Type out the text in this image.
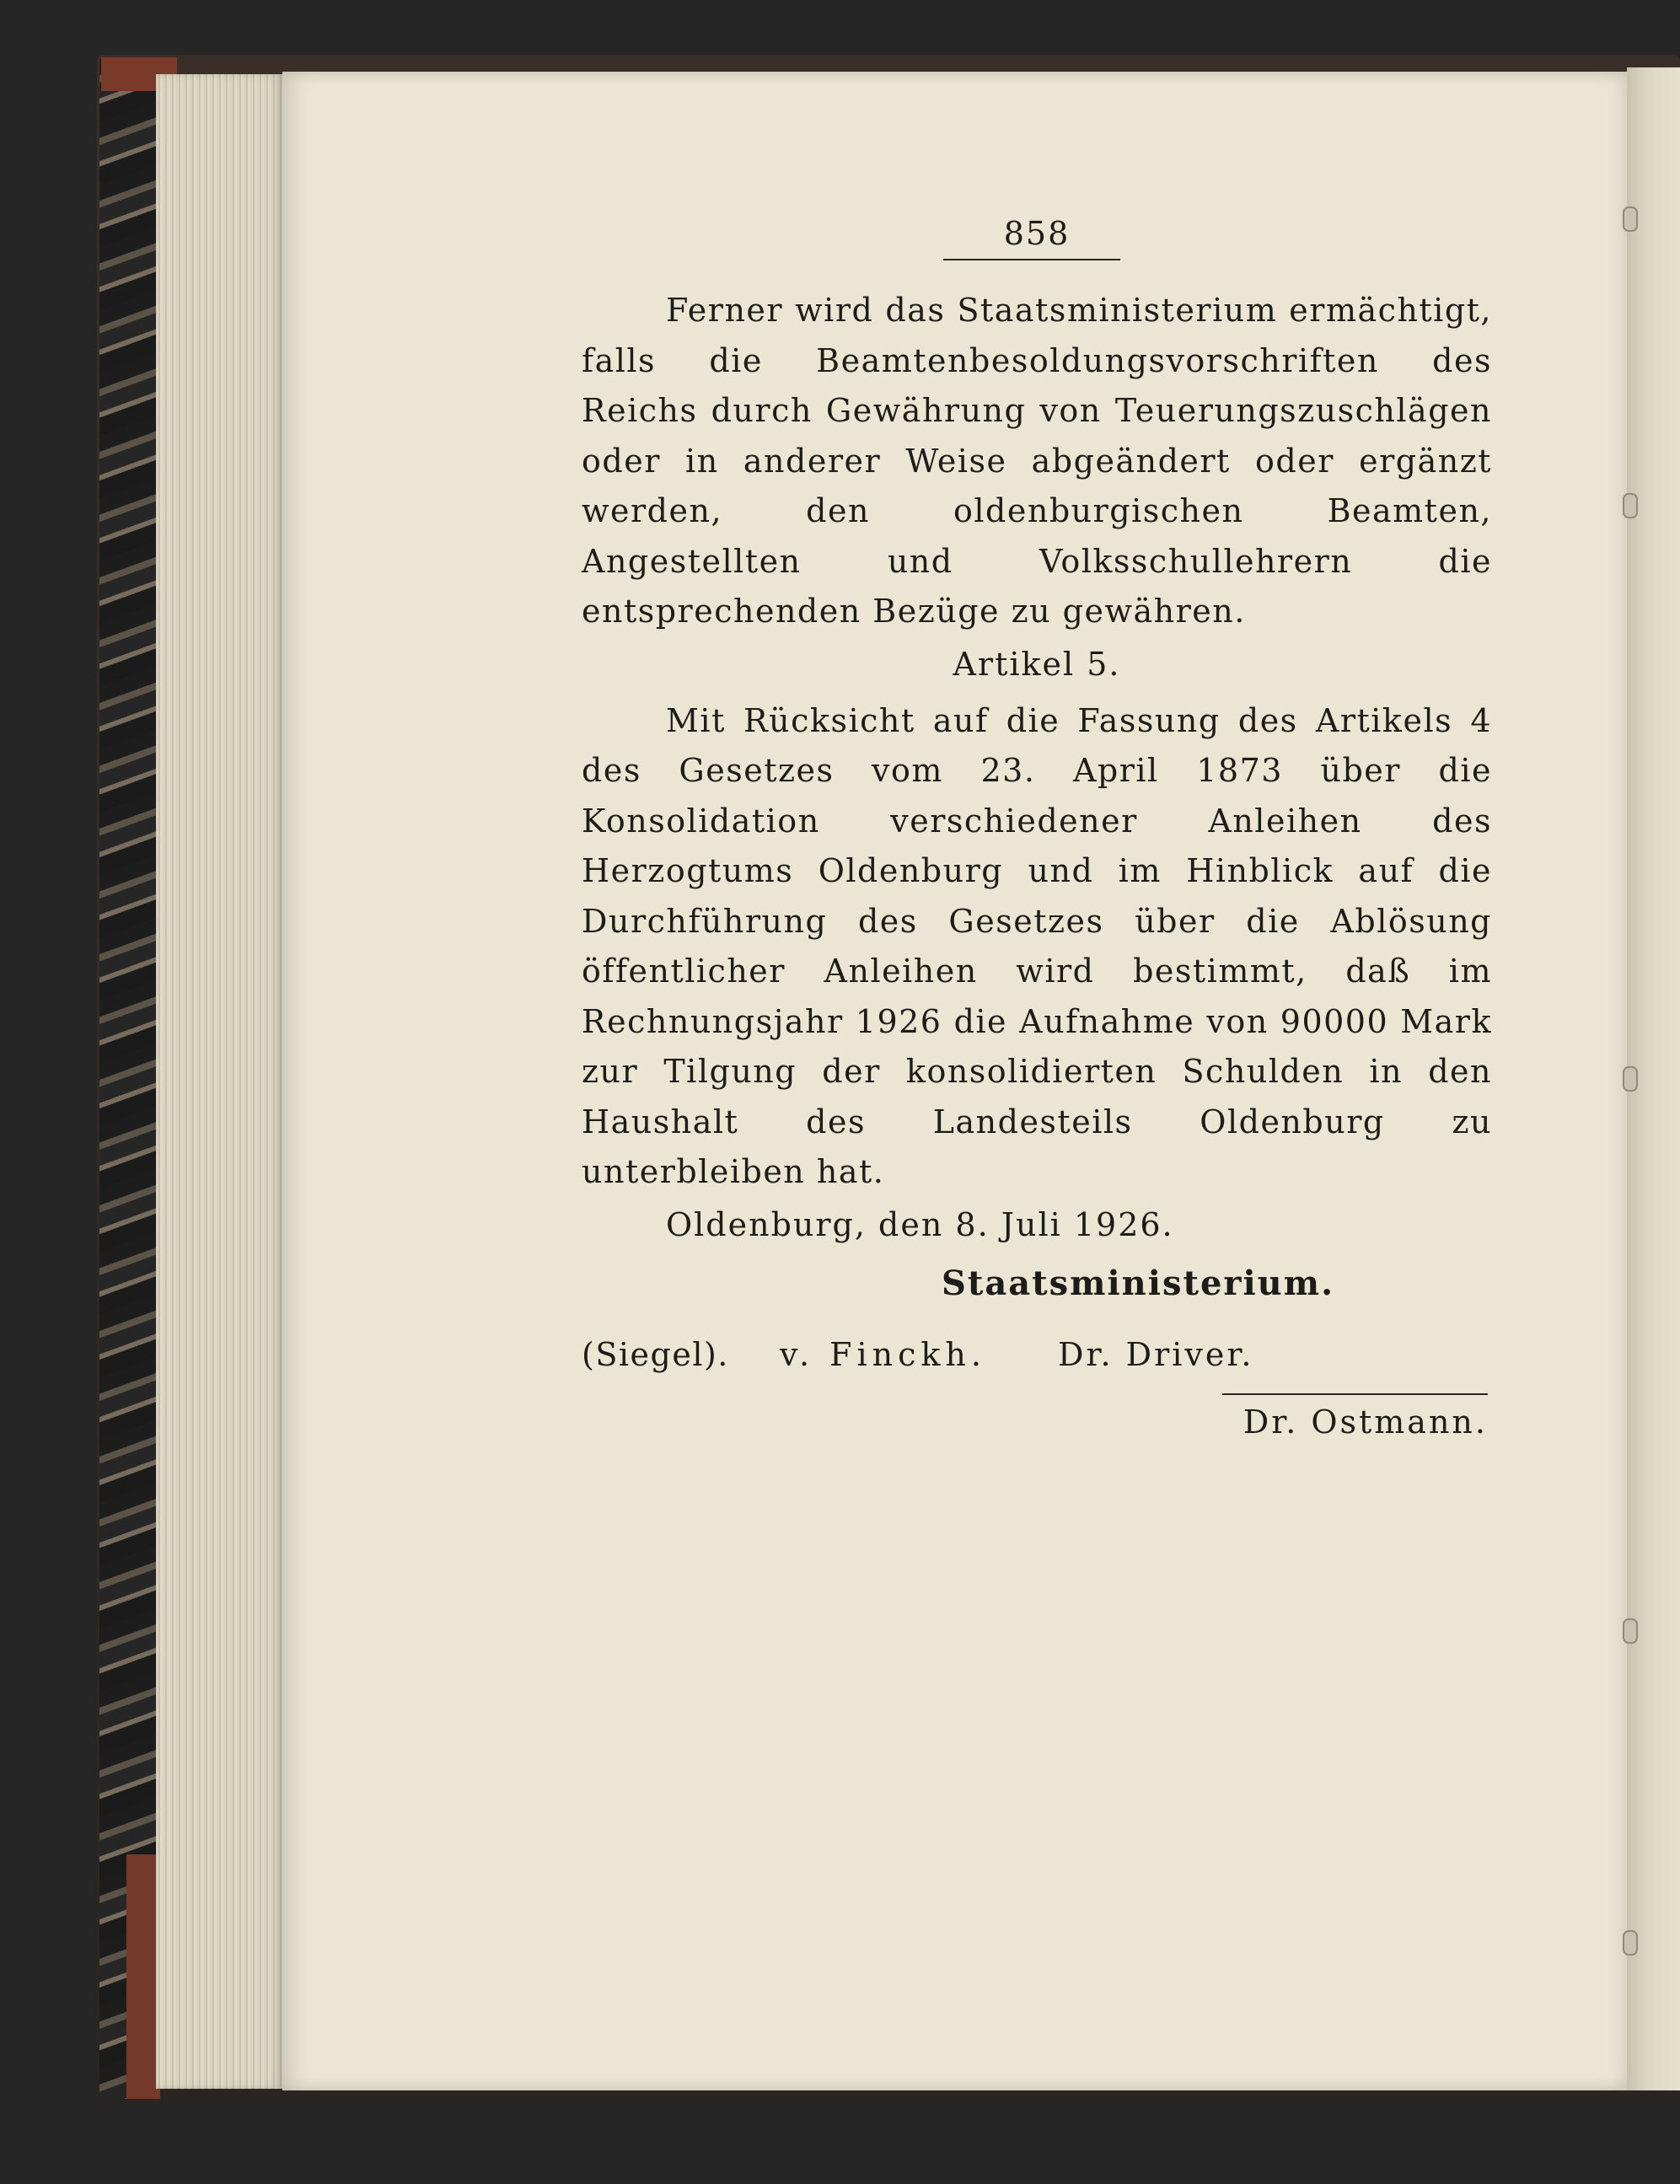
858

Ferner wird das Staatsministerium ermächtigt, falls die Beamtenbesoldungsvorschriften des Reichs durch Gewährung von Teuerungszuschlägen oder in anderer Weise abgeändert oder ergänzt werden, den oldenburgischen Beamten, Angestellten und Volksschullehrern die entsprechenden Bezüge zu gewähren.

Artikel 5.

Mit Rücksicht auf die Fassung des Artikels 4 des Gesetzes vom 23. April 1873 über die Konsolidation verschiedener Anleihen des Herzogtums Oldenburg und im Hinblick auf die Durchführung des Gesetzes über die Ablösung öffentlicher Anleihen wird bestimmt, daß im Rechnungsjahr 1926 die Aufnahme von 90000 Mark zur Tilgung der konsolidierten Schulden in den Haushalt des Landesteils Oldenburg zu unterbleiben hat.

Oldenburg, den 8. Juli 1926.
Staatsministerium.
(Siegel).	v. Finckh.	Dr. Driver.
Dr. Ostmann.
